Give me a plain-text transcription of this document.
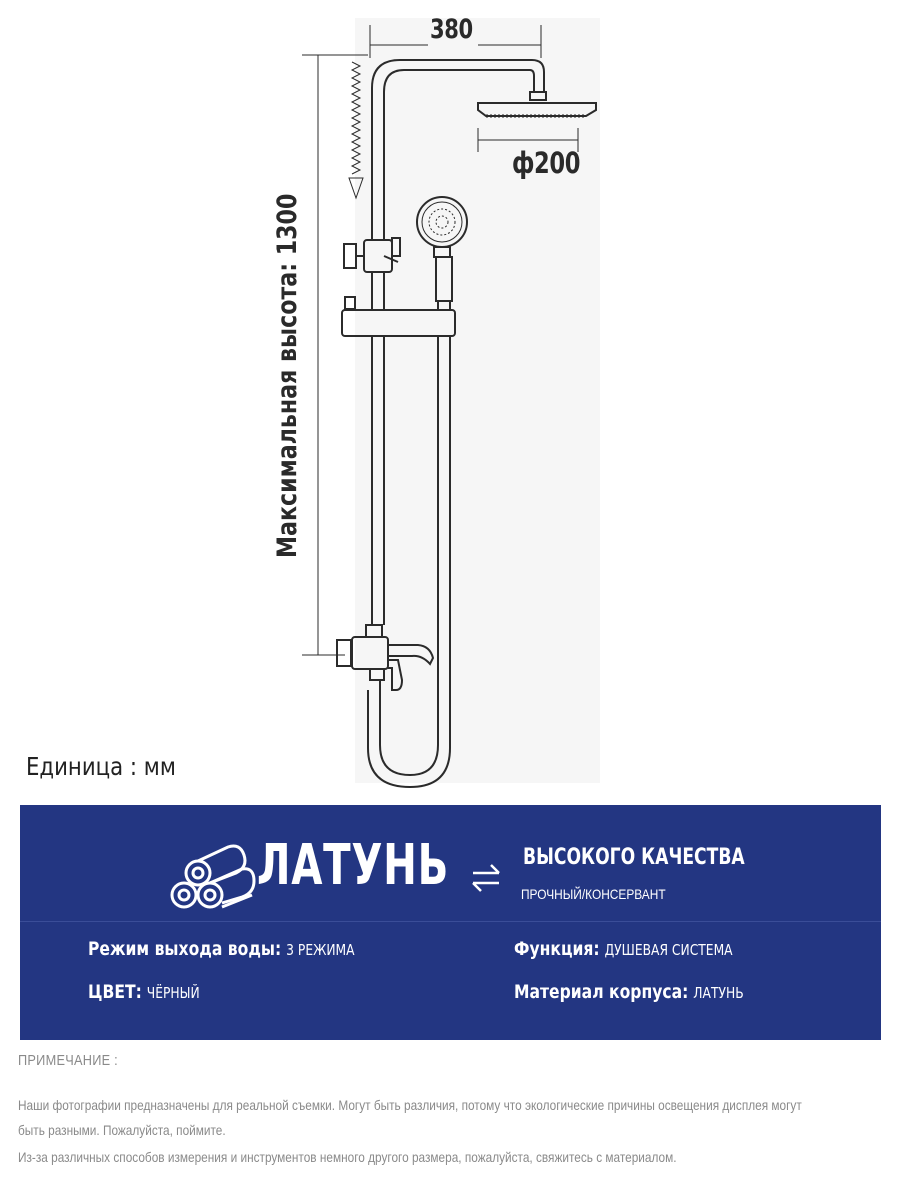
380
ф200
Максимальная высота: 1300
Единица : мм
ЛАТУНЬ	ВЫСОКОГО КАЧЕСТВА
ПРОЧНЫЙ/КОНСЕРВАНТ
Режим выхода воды: 3 РЕЖИМА	Функция: ДУШЕВАЯ СИСТЕМА
ЦВЕТ: ЧЁРНЫЙ	Материал корпуса: ЛАТУНЬ
ПРИМЕЧАНИЕ :
Наши фотографии предназначены для реальной съемки. Могут быть различия, потому что экологические причины освещения дисплея могут
быть разными. Пожалуйста, поймите.
Из-за различных способов измерения и инструментов немного другого размера, пожалуйста, свяжитесь с материалом.
